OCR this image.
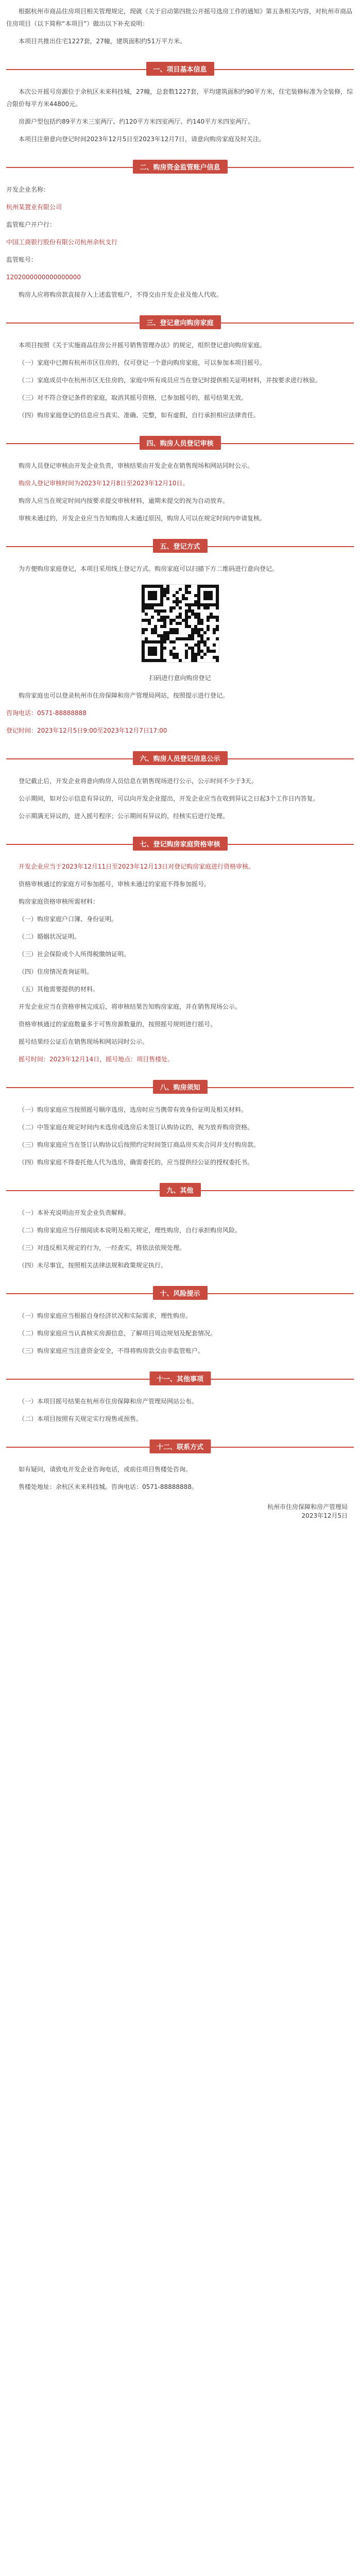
根据杭州市商品住房项目相关管理规定，现就《关于启动第四批公开摇号选房工作的通知》第五条相关内容，对杭州市商品住房项目（以下简称“本项目”）做出以下补充说明：

本项目共推出住宅1227套，27幢，建筑面积约51万平方米。

一、项目基本信息

本次公开摇号房源位于余杭区未来科技城，27幢，总套数1227套，平均建筑面积约90平方米，住宅装修标准为全装修，综合限价每平方米44800元。

房源户型包括约89平方米三室两厅、约120平方米四室两厅、约140平方米四室两厅。

本项目注册意向登记时间2023年12月5日至2023年12月7日，请意向购房家庭及时关注。

二、购房资金监管账户信息

开发企业名称：

杭州某置业有限公司

监管账户开户行：

中国工商银行股份有限公司杭州余杭支行

监管账号：

1202000000000000000

购房人应将购房款直接存入上述监管账户，不得交由开发企业及他人代收。

三、登记意向购房家庭

本项目按照《关于实施商品住房公开摇号销售管理办法》的规定，组织登记意向购房家庭。

（一）家庭中已拥有杭州市区住房的，仅可登记一个意向购房家庭，可以参加本项目摇号。

（二）家庭成员中在杭州市区无住房的，家庭中所有成员应当在登记时提供相关证明材料，并按要求进行核验。

（三）对不符合登记条件的家庭，取消其摇号资格，已参加摇号的，摇号结果无效。

（四）购房家庭登记的信息应当真实、准确、完整，如有虚假，自行承担相应法律责任。

四、购房人员登记审核

购房人员登记审核由开发企业负责，审核结果由开发企业在销售现场和网站同时公示。

购房人登记审核时间为2023年12月8日至2023年12月10日。

购房人应当在规定时间内按要求提交审核材料，逾期未提交的视为自动放弃。

审核未通过的，开发企业应当告知购房人未通过原因，购房人可以在规定时间内申请复核。

五、登记方式

为方便购房家庭登记，本项目采用线上登记方式。购房家庭可以扫描下方二维码进行意向登记。

扫码进行意向购房登记

购房家庭也可以登录杭州市住房保障和房产管理局网站，按照提示进行登记。

咨询电话：0571-88888888

登记时间：2023年12月5日9:00至2023年12月7日17:00

六、购房人员登记信息公示

登记截止后，开发企业将意向购房人员信息在销售现场进行公示，公示时间不少于3天。

公示期间，如对公示信息有异议的，可以向开发企业提出，开发企业应当在收到异议之日起3个工作日内答复。

公示期满无异议的，进入摇号程序；公示期间有异议的，经核实后进行处理。

七、登记购房家庭资格审核

开发企业应当于2023年12月11日至2023年12月13日对登记购房家庭进行资格审核。

资格审核通过的家庭方可参加摇号，审核未通过的家庭不得参加摇号。

购房家庭资格审核所需材料：

（一）购房家庭户口簿、身份证明。

（二）婚姻状况证明。

（三）社会保险或个人所得税缴纳证明。

（四）住房情况查询证明。

（五）其他需要提供的材料。

开发企业应当在资格审核完成后，将审核结果告知购房家庭，并在销售现场公示。

资格审核通过的家庭数量多于可售房源数量的，按照摇号规则进行摇号。

摇号结果经公证后在销售现场和网站同时公示。

摇号时间：2023年12月14日，摇号地点：项目售楼处。

八、购房须知

（一）购房家庭应当按照摇号顺序选房，选房时应当携带有效身份证明及相关材料。

（二）中签家庭在规定时间内未选房或选房后未签订认购协议的，视为放弃购房资格。

（三）购房家庭应当在签订认购协议后按照约定时间签订商品房买卖合同并支付购房款。

（四）购房家庭不得委托他人代为选房，确需委托的，应当提供经公证的授权委托书。

九、其他

（一）本补充说明由开发企业负责解释。

（二）购房家庭应当仔细阅读本说明及相关规定，理性购房，自行承担购房风险。

（三）对违反相关规定的行为，一经查实，将依法依规处理。

（四）未尽事宜，按照相关法律法规和政策规定执行。

十、风险提示

（一）购房家庭应当根据自身经济状况和实际需求，理性购房。

（二）购房家庭应当认真核实房源信息，了解项目周边规划及配套情况。

（三）购房家庭应当注意资金安全，不得将购房款交由非监管账户。

十一、其他事项

（一）本项目摇号结果在杭州市住房保障和房产管理局网站公布。

（二）本项目按照有关规定实行现售或预售。

十二、联系方式

如有疑问，请致电开发企业咨询电话，或前往项目售楼处咨询。

售楼处地址：余杭区未来科技城。咨询电话：0571-88888888。

杭州市住房保障和房产管理局
2023年12月5日
